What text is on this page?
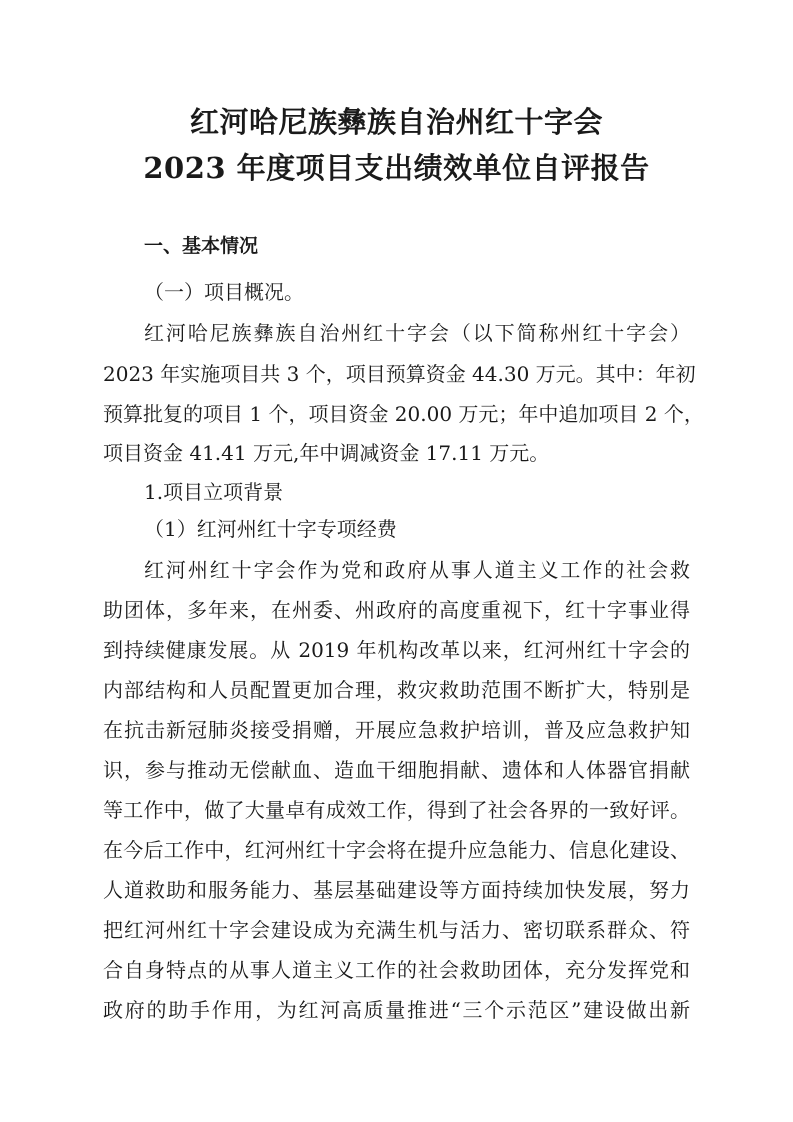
红河哈尼族彝族自治州红十字会
2023 年度项目支出绩效单位自评报告
一、基本情况
（一）项目概况。
红河哈尼族彝族自治州红十字会（以下简称州红十字会）
2023 年实施项目共 3 个，项目预算资金 44.30 万元。其中：年初
预算批复的项目 1 个，项目资金 20.00 万元；年中追加项目 2 个，
项目资金 41.41 万元,年中调减资金 17.11 万元。
1.项目立项背景
（1）红河州红十字专项经费
红河州红十字会作为党和政府从事人道主义工作的社会救
助团体，多年来，在州委、州政府的高度重视下，红十字事业得
到持续健康发展。从 2019 年机构改革以来，红河州红十字会的
内部结构和人员配置更加合理，救灾救助范围不断扩大，特别是
在抗击新冠肺炎接受捐赠，开展应急救护培训，普及应急救护知
识，参与推动无偿献血、造血干细胞捐献、遗体和人体器官捐献
等工作中，做了大量卓有成效工作，得到了社会各界的一致好评。
在今后工作中，红河州红十字会将在提升应急能力、信息化建设、
人道救助和服务能力、基层基础建设等方面持续加快发展，努力
把红河州红十字会建设成为充满生机与活力、密切联系群众、符
合自身特点的从事人道主义工作的社会救助团体，充分发挥党和
政府的助手作用，为红河高质量推进“三个示范区”建设做出新
